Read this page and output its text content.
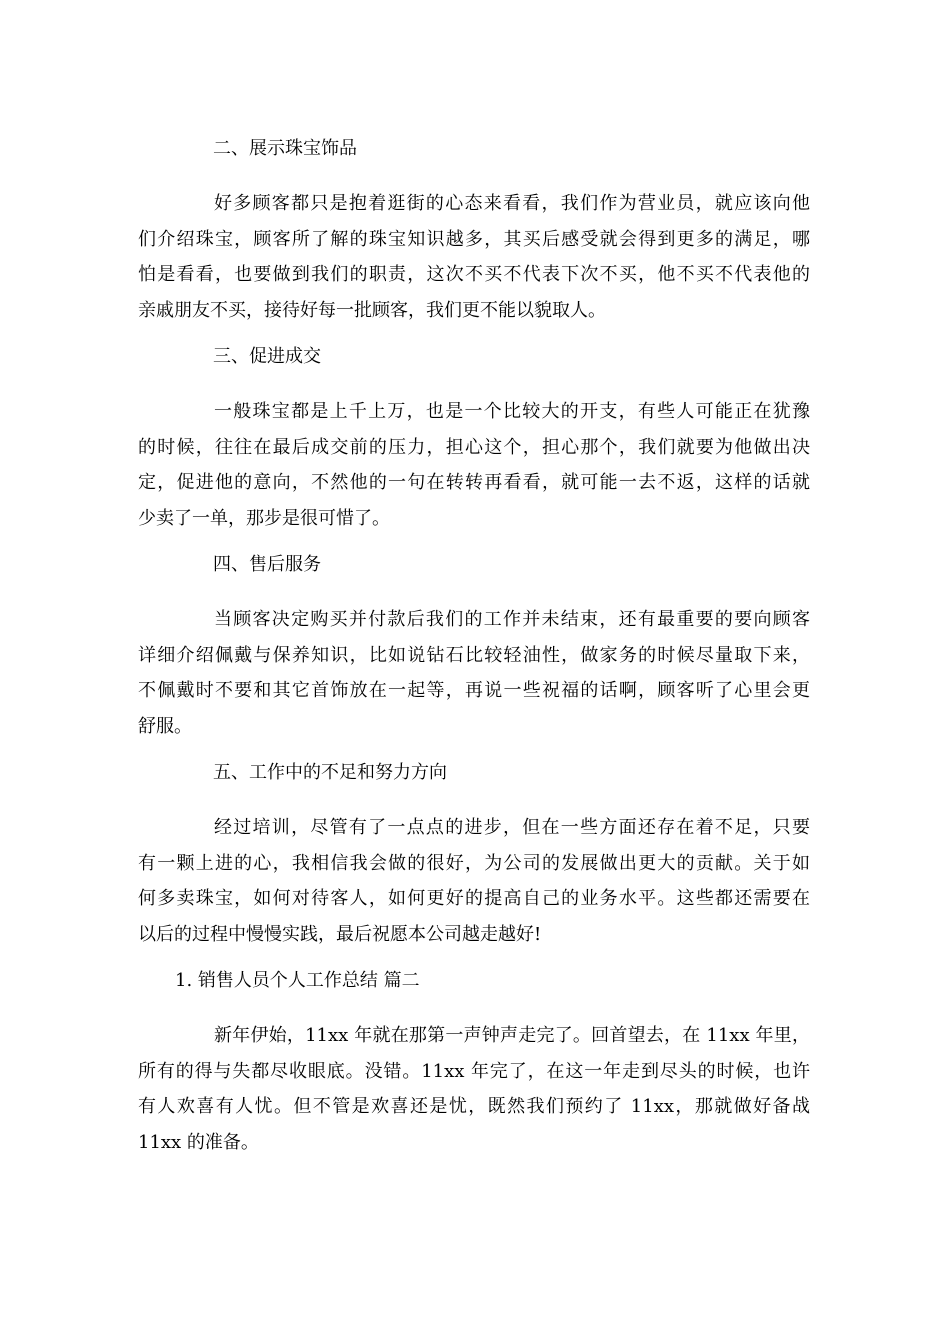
二、展示珠宝饰品
好多顾客都只是抱着逛街的心态来看看，我们作为营业员，就应该向他
们介绍珠宝，顾客所了解的珠宝知识越多，其买后感受就会得到更多的满足，哪
怕是看看，也要做到我们的职责，这次不买不代表下次不买，他不买不代表他的
亲戚朋友不买，接待好每一批顾客，我们更不能以貌取人。
三、促进成交
一般珠宝都是上千上万，也是一个比较大的开支，有些人可能正在犹豫
的时候，往往在最后成交前的压力，担心这个，担心那个，我们就要为他做出决
定，促进他的意向，不然他的一句在转转再看看，就可能一去不返，这样的话就
少卖了一单，那步是很可惜了。
四、售后服务
当顾客决定购买并付款后我们的工作并未结束，还有最重要的要向顾客
详细介绍佩戴与保养知识，比如说钻石比较轻油性，做家务的时候尽量取下来，
不佩戴时不要和其它首饰放在一起等，再说一些祝福的话啊，顾客听了心里会更
舒服。
五、工作中的不足和努力方向
经过培训，尽管有了一点点的进步，但在一些方面还存在着不足，只要
有一颗上进的心，我相信我会做的很好，为公司的发展做出更大的贡献。关于如
何多卖珠宝，如何对待客人，如何更好的提高自己的业务水平。这些都还需要在
以后的过程中慢慢实践，最后祝愿本公司越走越好!
1. 销售人员个人工作总结 篇二
新年伊始，11xx 年就在那第一声钟声走完了。回首望去，在 11xx 年里，
所有的得与失都尽收眼底。没错。11xx 年完了，在这一年走到尽头的时候，也许
有人欢喜有人忧。但不管是欢喜还是忧，既然我们预约了 11xx，那就做好备战
11xx 的准备。
